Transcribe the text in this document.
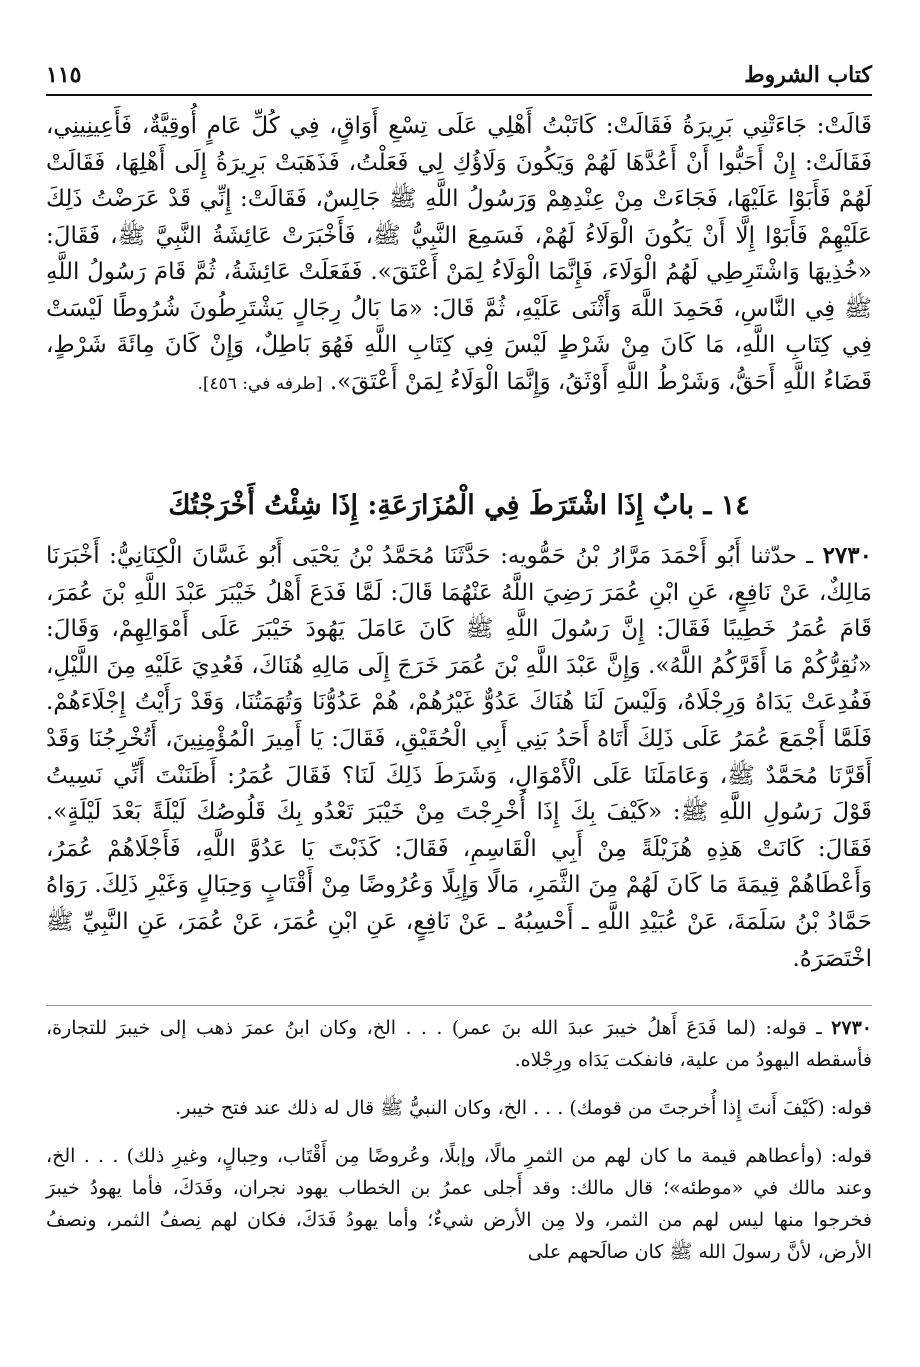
كتاب الشروط
١١٥

قَالَتْ: جَاءَتْنِي بَرِيرَةُ فَقَالَتْ: كَاتَبْتُ أَهْلِي عَلَى تِسْعِ أَوَاقٍ، فِي كُلِّ عَامٍ أُوقِيَّةٌ، فَأَعِينِينِي، فَقَالَتْ: إِنْ أَحَبُّوا أَنْ أَعُدَّهَا لَهُمْ وَيَكُونَ وَلَاؤُكِ لِي فَعَلْتُ، فَذَهَبَتْ بَرِيرَةُ إِلَى أَهْلِهَا، فَقَالَتْ لَهُمْ فَأَبَوْا عَلَيْهَا، فَجَاءَتْ مِنْ عِنْدِهِمْ وَرَسُولُ اللَّهِ ﷺ جَالِسٌ، فَقَالَتْ: إِنِّي قَدْ عَرَضْتُ ذَلِكَ عَلَيْهِمْ فَأَبَوْا إِلَّا أَنْ يَكُونَ الْوَلَاءُ لَهُمْ، فَسَمِعَ النَّبِيُّ ﷺ، فَأَخْبَرَتْ عَائِشَةُ النَّبِيَّ ﷺ، فَقَالَ: «خُذِيهَا وَاشْتَرِطِي لَهُمُ الْوَلَاءَ، فَإِنَّمَا الْوَلَاءُ لِمَنْ أَعْتَقَ». فَفَعَلَتْ عَائِشَةُ، ثُمَّ قَامَ رَسُولُ اللَّهِ ﷺ فِي النَّاسِ، فَحَمِدَ اللَّهَ وَأَثْنَى عَلَيْهِ، ثُمَّ قَالَ: «مَا بَالُ رِجَالٍ يَشْتَرِطُونَ شُرُوطًا لَيْسَتْ فِي كِتَابِ اللَّهِ، مَا كَانَ مِنْ شَرْطٍ لَيْسَ فِي كِتَابِ اللَّهِ فَهُوَ بَاطِلٌ، وَإِنْ كَانَ مِائَةَ شَرْطٍ، قَضَاءُ اللَّهِ أَحَقُّ، وَشَرْطُ اللَّهِ أَوْثَقُ، وَإِنَّمَا الْوَلَاءُ لِمَنْ أَعْتَقَ». [طرفه في: ٤٥٦].

١٤ ـ بابٌ إِذَا اشْتَرَطَ فِي الْمُزَارَعَةِ: إِذَا شِئْتُ أَخْرَجْتُكَ

٢٧٣٠ ـ حدّثنا أَبُو أَحْمَدَ مَرَّارُ بْنُ حَمُّويه: حَدَّثَنَا مُحَمَّدُ بْنُ يَحْيَى أَبُو غَسَّانَ الْكِنَانِيُّ: أَخْبَرَنَا مَالِكٌ، عَنْ نَافِعٍ، عَنِ ابْنِ عُمَرَ رَضِيَ اللَّهُ عَنْهُمَا قَالَ: لَمَّا فَدَعَ أَهْلُ خَيْبَرَ عَبْدَ اللَّهِ بْنَ عُمَرَ، قَامَ عُمَرُ خَطِيبًا فَقَالَ: إِنَّ رَسُولَ اللَّهِ ﷺ كَانَ عَامَلَ يَهُودَ خَيْبَرَ عَلَى أَمْوَالِهِمْ، وَقَالَ: «نُقِرُّكُمْ مَا أَقَرَّكُمُ اللَّهُ». وَإِنَّ عَبْدَ اللَّهِ بْنَ عُمَرَ خَرَجَ إِلَى مَالِهِ هُنَاكَ، فَعُدِيَ عَلَيْهِ مِنَ اللَّيْلِ، فَفُدِعَتْ يَدَاهُ وَرِجْلَاهُ، وَلَيْسَ لَنَا هُنَاكَ عَدُوٌّ غَيْرُهُمْ، هُمْ عَدُوُّنَا وَتُهَمَتُنَا، وَقَدْ رَأَيْتُ إِجْلَاءَهُمْ. فَلَمَّا أَجْمَعَ عُمَرُ عَلَى ذَلِكَ أَتَاهُ أَحَدُ بَنِي أَبِي الْحُقَيْقِ، فَقَالَ: يَا أَمِيرَ الْمُؤْمِنِينَ، أَتُخْرِجُنَا وَقَدْ أَقَرَّنَا مُحَمَّدٌ ﷺ، وَعَامَلَنَا عَلَى الْأَمْوَالِ، وَشَرَطَ ذَلِكَ لَنَا؟ فَقَالَ عُمَرُ: أَظَنَنْتَ أَنِّي نَسِيتُ قَوْلَ رَسُولِ اللَّهِ ﷺ: «كَيْفَ بِكَ إِذَا أُخْرِجْتَ مِنْ خَيْبَرَ تَعْدُو بِكَ قَلُوصُكَ لَيْلَةً بَعْدَ لَيْلَةٍ». فَقَالَ: كَانَتْ هَذِهِ هُزَيْلَةً مِنْ أَبِي الْقَاسِمِ، فَقَالَ: كَذَبْتَ يَا عَدُوَّ اللَّهِ، فَأَجْلَاهُمْ عُمَرُ، وَأَعْطَاهُمْ قِيمَةَ مَا كَانَ لَهُمْ مِنَ الثَّمَرِ، مَالًا وَإِبِلًا وَعُرُوضًا مِنْ أَقْتَابٍ وَحِبَالٍ وَغَيْرِ ذَلِكَ. رَوَاهُ حَمَّادُ بْنُ سَلَمَةَ، عَنْ عُبَيْدِ اللَّهِ ـ أَحْسِبُهُ ـ عَنْ نَافِعٍ، عَنِ ابْنِ عُمَرَ، عَنْ عُمَرَ، عَنِ النَّبِيِّ ﷺ اخْتَصَرَهُ.

٢٧٣٠ ـ قوله: (لما فَدَعَ أَهلُ خيبرَ عبدَ الله بنَ عمر) . . . الخ، وكان ابنُ عمرَ ذهب إلى خيبرَ للتجارة، فأسقطه اليهودُ من علية، فانفكت يَدَاه ورِجْلاه.

قوله: (كَيْفَ أَنتَ إِذا أُخرجتَ من قومك) . . . الخ، وكان النبيُّ ﷺ قال له ذلك عند فتح خيبر.

قوله: (وأعطاهم قيمة ما كان لهم من الثمرِ مالًا، وإبلًا، وعُروضًا مِن أَقْتَاب، وحِبالٍ، وغيرِ ذلك) . . . الخ، وعند مالك في «موطئه»؛ قال مالك: وقد أَجلى عمرُ بن الخطاب يهود نجران، وفَدَكَ، فأما يهودُ خيبرَ فخرجوا منها ليس لهم من الثمر، ولا مِن الأرض شيءٌ؛ وأما يهودُ فَدَكَ، فكان لهم نِصفُ الثمر، ونصفُ الأرض، لأنَّ رسولَ الله ﷺ كان صالَحهم على
